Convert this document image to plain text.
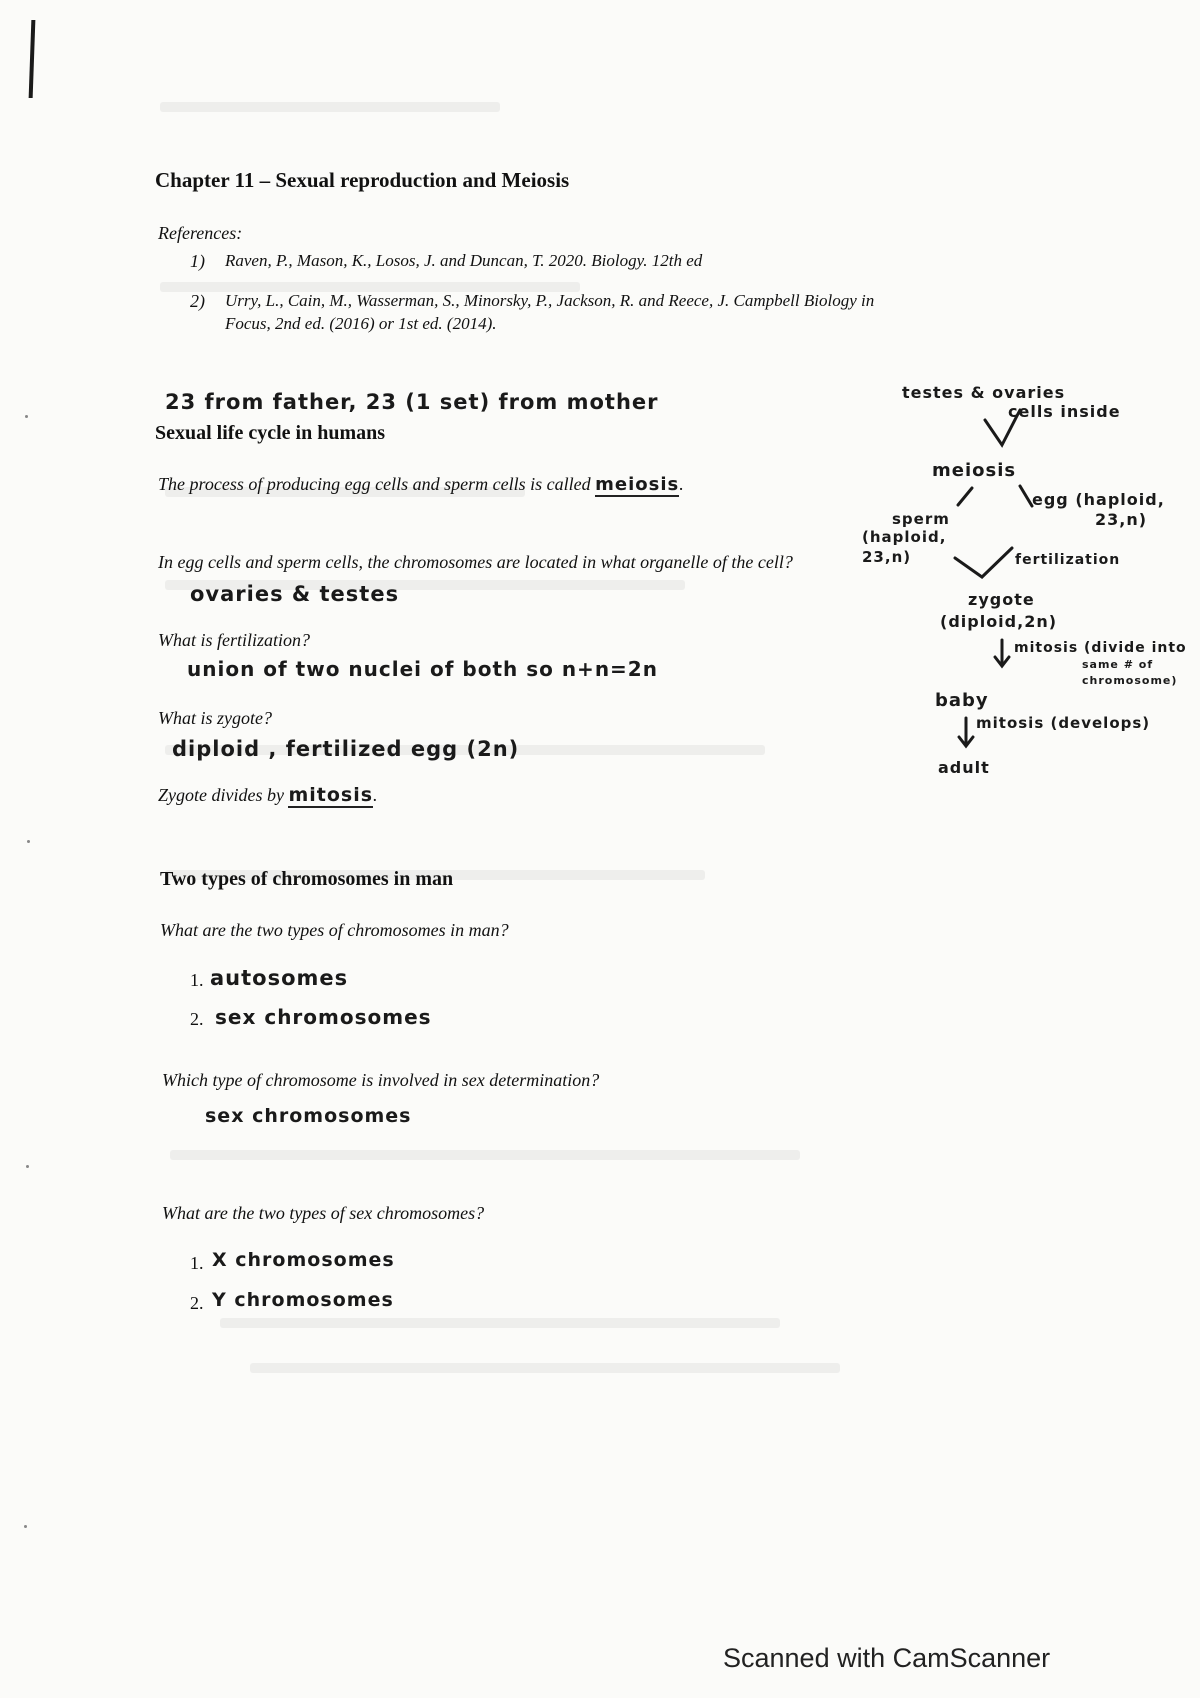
Chapter 11 – Sexual reproduction and Meiosis
References:
1) Raven, P., Mason, K., Losos, J. and Duncan, T. 2020. Biology. 12th ed
2) Urry, L., Cain, M., Wasserman, S., Minorsky, P., Jackson, R. and Reece, J. Campbell Biology in
Focus, 2nd ed. (2016) or 1st ed. (2014).
23 from father, 23 (1 set) from mother
Sexual life cycle in humans
The process of producing egg cells and sperm cells is called meiosis.
In egg cells and sperm cells, the chromosomes are located in what organelle of the cell?
ovaries & testes
What is fertilization?
union of two nuclei of both so n+n=2n
What is zygote?
diploid , fertilized egg (2n)
Zygote divides by mitosis.
Two types of chromosomes in man
What are the two types of chromosomes in man?
1. autosomes
2. sex chromosomes
Which type of chromosome is involved in sex determination?
sex chromosomes
What are the two types of sex chromosomes?
1. X chromosomes
2. Y chromosomes
testes & ovaries
cells inside
meiosis
sperm
(haploid,
23,n)
egg (haploid,
23,n)
fertilization
zygote
(diploid,2n)
mitosis (divide into
same # of
chromosome)
baby
mitosis (develops)
adult
Scanned with CamScanner
